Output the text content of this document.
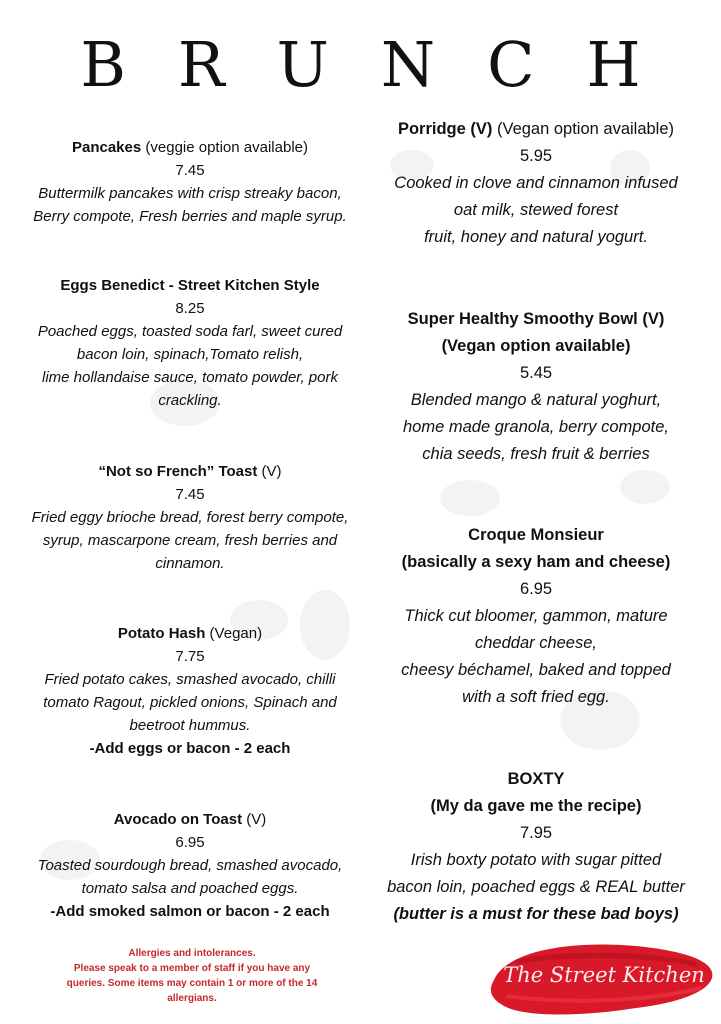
BRUNCH
Pancakes (veggie option available)
7.45
Buttermilk pancakes with crisp streaky bacon,
Berry compote, Fresh berries and maple syrup.
Eggs Benedict - Street Kitchen Style
8.25
Poached eggs, toasted soda farl, sweet cured
bacon loin, spinach,Tomato relish,
lime hollandaise sauce, tomato powder, pork
crackling.
“Not so French” Toast (V)
7.45
Fried eggy brioche bread, forest berry compote,
syrup, mascarpone cream, fresh berries and
cinnamon.
Potato Hash (Vegan)
7.75
Fried potato cakes, smashed avocado, chilli
tomato Ragout, pickled onions, Spinach and
beetroot hummus.
-Add eggs or bacon - 2 each
Avocado on Toast (V)
6.95
Toasted sourdough bread, smashed avocado,
tomato salsa and poached eggs.
-Add smoked salmon or bacon - 2 each
Porridge (V) (Vegan option available)
5.95
Cooked in clove and cinnamon infused
oat milk, stewed forest
fruit, honey and natural yogurt.
Super Healthy Smoothy Bowl (V)
(Vegan option available)
5.45
Blended mango & natural yoghurt,
home made granola, berry compote,
chia seeds, fresh fruit & berries
Croque Monsieur
(basically a sexy ham and cheese)
6.95
Thick cut bloomer, gammon, mature
cheddar cheese,
cheesy béchamel, baked and topped
with a soft fried egg.
BOXTY
(My da gave me the recipe)
7.95
Irish boxty potato with sugar pitted
bacon loin, poached eggs & REAL butter
(butter is a must for these bad boys)
Allergies and intolerances.
Please speak to a member of staff if you have any
queries. Some items may contain 1 or more of the 14
allergians.
The Street Kitchen
